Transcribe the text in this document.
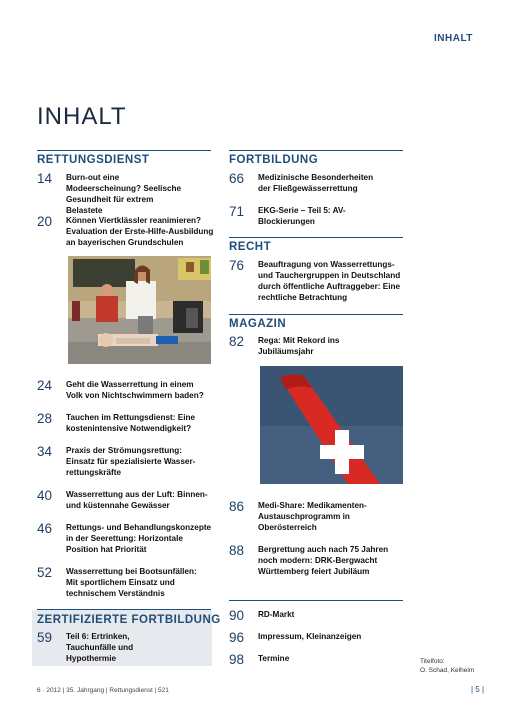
INHALT
INHALT
RETTUNGSDIENST
14	Burn-out eine Modeerscheinung? Seelische Gesundheit für extrem Belastete
20	Können Viertklässler reanimieren? Evaluation der Erste-Hilfe-Ausbildung an bayerischen Grundschulen
24	Geht die Wasserrettung in einem Volk von Nichtschwimmern baden?
28	Tauchen im Rettungsdienst: Eine kostenintensive Notwendigkeit?
34	Praxis der Strömungsrettung: Einsatz für spezialisierte Wasser-rettungskräfte
40	Wasserrettung aus der Luft: Binnen- und küstennahe Gewässer
46	Rettungs- und Behandlungskonzepte in der Seerettung: Horizontale Position hat Priorität
52	Wasserrettung bei Bootsunfällen: Mit sportlichem Einsatz und technischem Verständnis
ZERTIFIZIERTE FORTBILDUNG
59	Teil 6: Ertrinken, Tauchunfälle und Hypothermie
FORTBILDUNG
66	Medizinische Besonderheiten der Fließgewässerrettung
71	EKG-Serie – Teil 5: AV-Blockierungen
RECHT
76	Beauftragung von Wasserrettungs- und Tauchergruppen in Deutschland durch öffentliche Auftraggeber: Eine rechtliche Betrachtung
MAGAZIN
82	Rega: Mit Rekord ins Jubiläumsjahr
86	Medi-Share: Medikamenten-Austauschprogramm in Oberösterreich
88	Bergrettung auch nach 75 Jahren noch modern: DRK-Bergwacht Württemberg feiert Jubiläum
90	RD-Markt
96	Impressum, Kleinanzeigen
98	Termine	Titelfoto:
O. Schad, Kelheim
6 · 2012 | 35. Jahrgang | Rettungsdienst | 521	| 5 |
